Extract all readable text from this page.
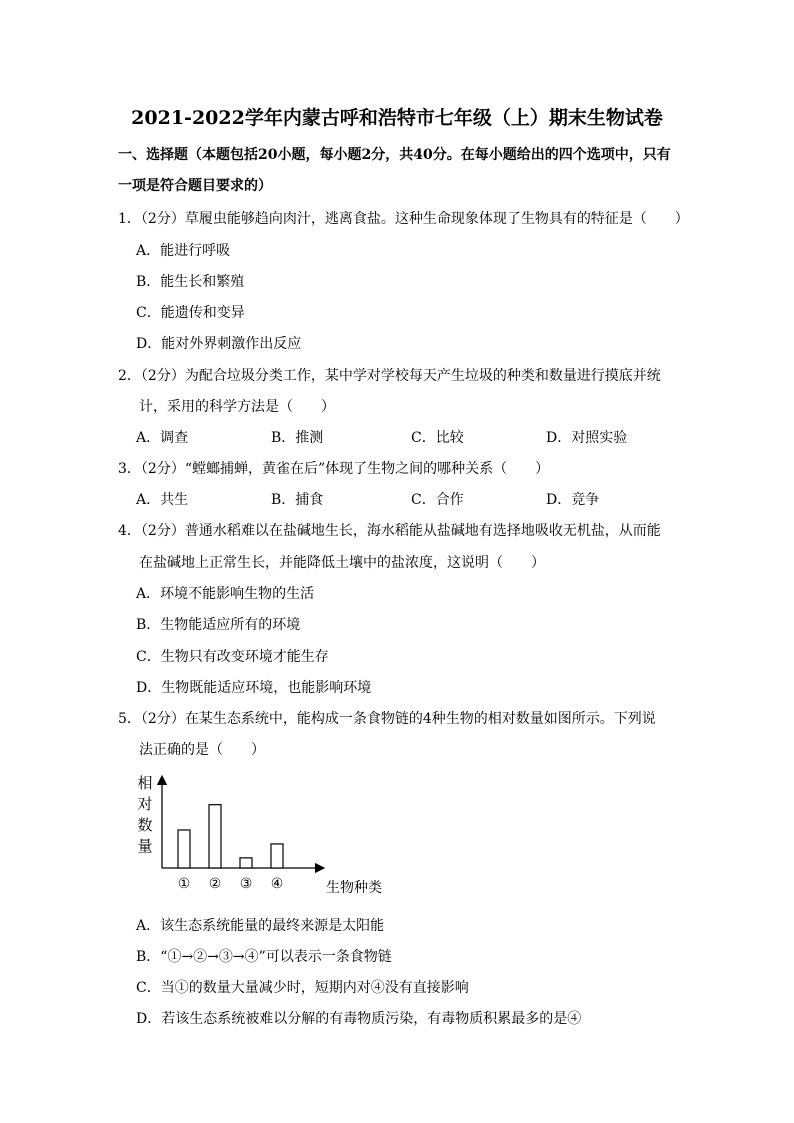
2021-2022学年内蒙古呼和浩特市七年级（上）期末生物试卷
一、选择题（本题包括20小题，每小题2分，共40分。在每小题给出的四个选项中，只有一项是符合题目要求的）
1．（2分）草履虫能够趋向肉汁，逃离食盐。这种生命现象体现了生物具有的特征是（　　）
A．能进行呼吸
B．能生长和繁殖
C．能遗传和变异
D．能对外界刺激作出反应
2．（2分）为配合垃圾分类工作，某中学对学校每天产生垃圾的种类和数量进行摸底并统
计，采用的科学方法是（　　）
A．调查	B．推测	C．比较	D．对照实验
3．（2分）“螳螂捕蝉，黄雀在后”体现了生物之间的哪种关系（　　）
A．共生	B．捕食	C．合作	D．竞争
4．（2分）普通水稻难以在盐碱地生长，海水稻能从盐碱地有选择地吸收无机盐，从而能
在盐碱地上正常生长，并能降低土壤中的盐浓度，这说明（　　）
A．环境不能影响生物的生活
B．生物能适应所有的环境
C．生物只有改变环境才能生存
D．生物既能适应环境，也能影响环境
5．（2分）在某生态系统中，能构成一条食物链的4种生物的相对数量如图所示。下列说
法正确的是（　　）
相对数量
① ② ③ ④	生物种类
A．该生态系统能量的最终来源是太阳能
B．“①→②→③→④”可以表示一条食物链
C．当①的数量大量减少时，短期内对④没有直接影响
D．若该生态系统被难以分解的有毒物质污染，有毒物质积累最多的是④
